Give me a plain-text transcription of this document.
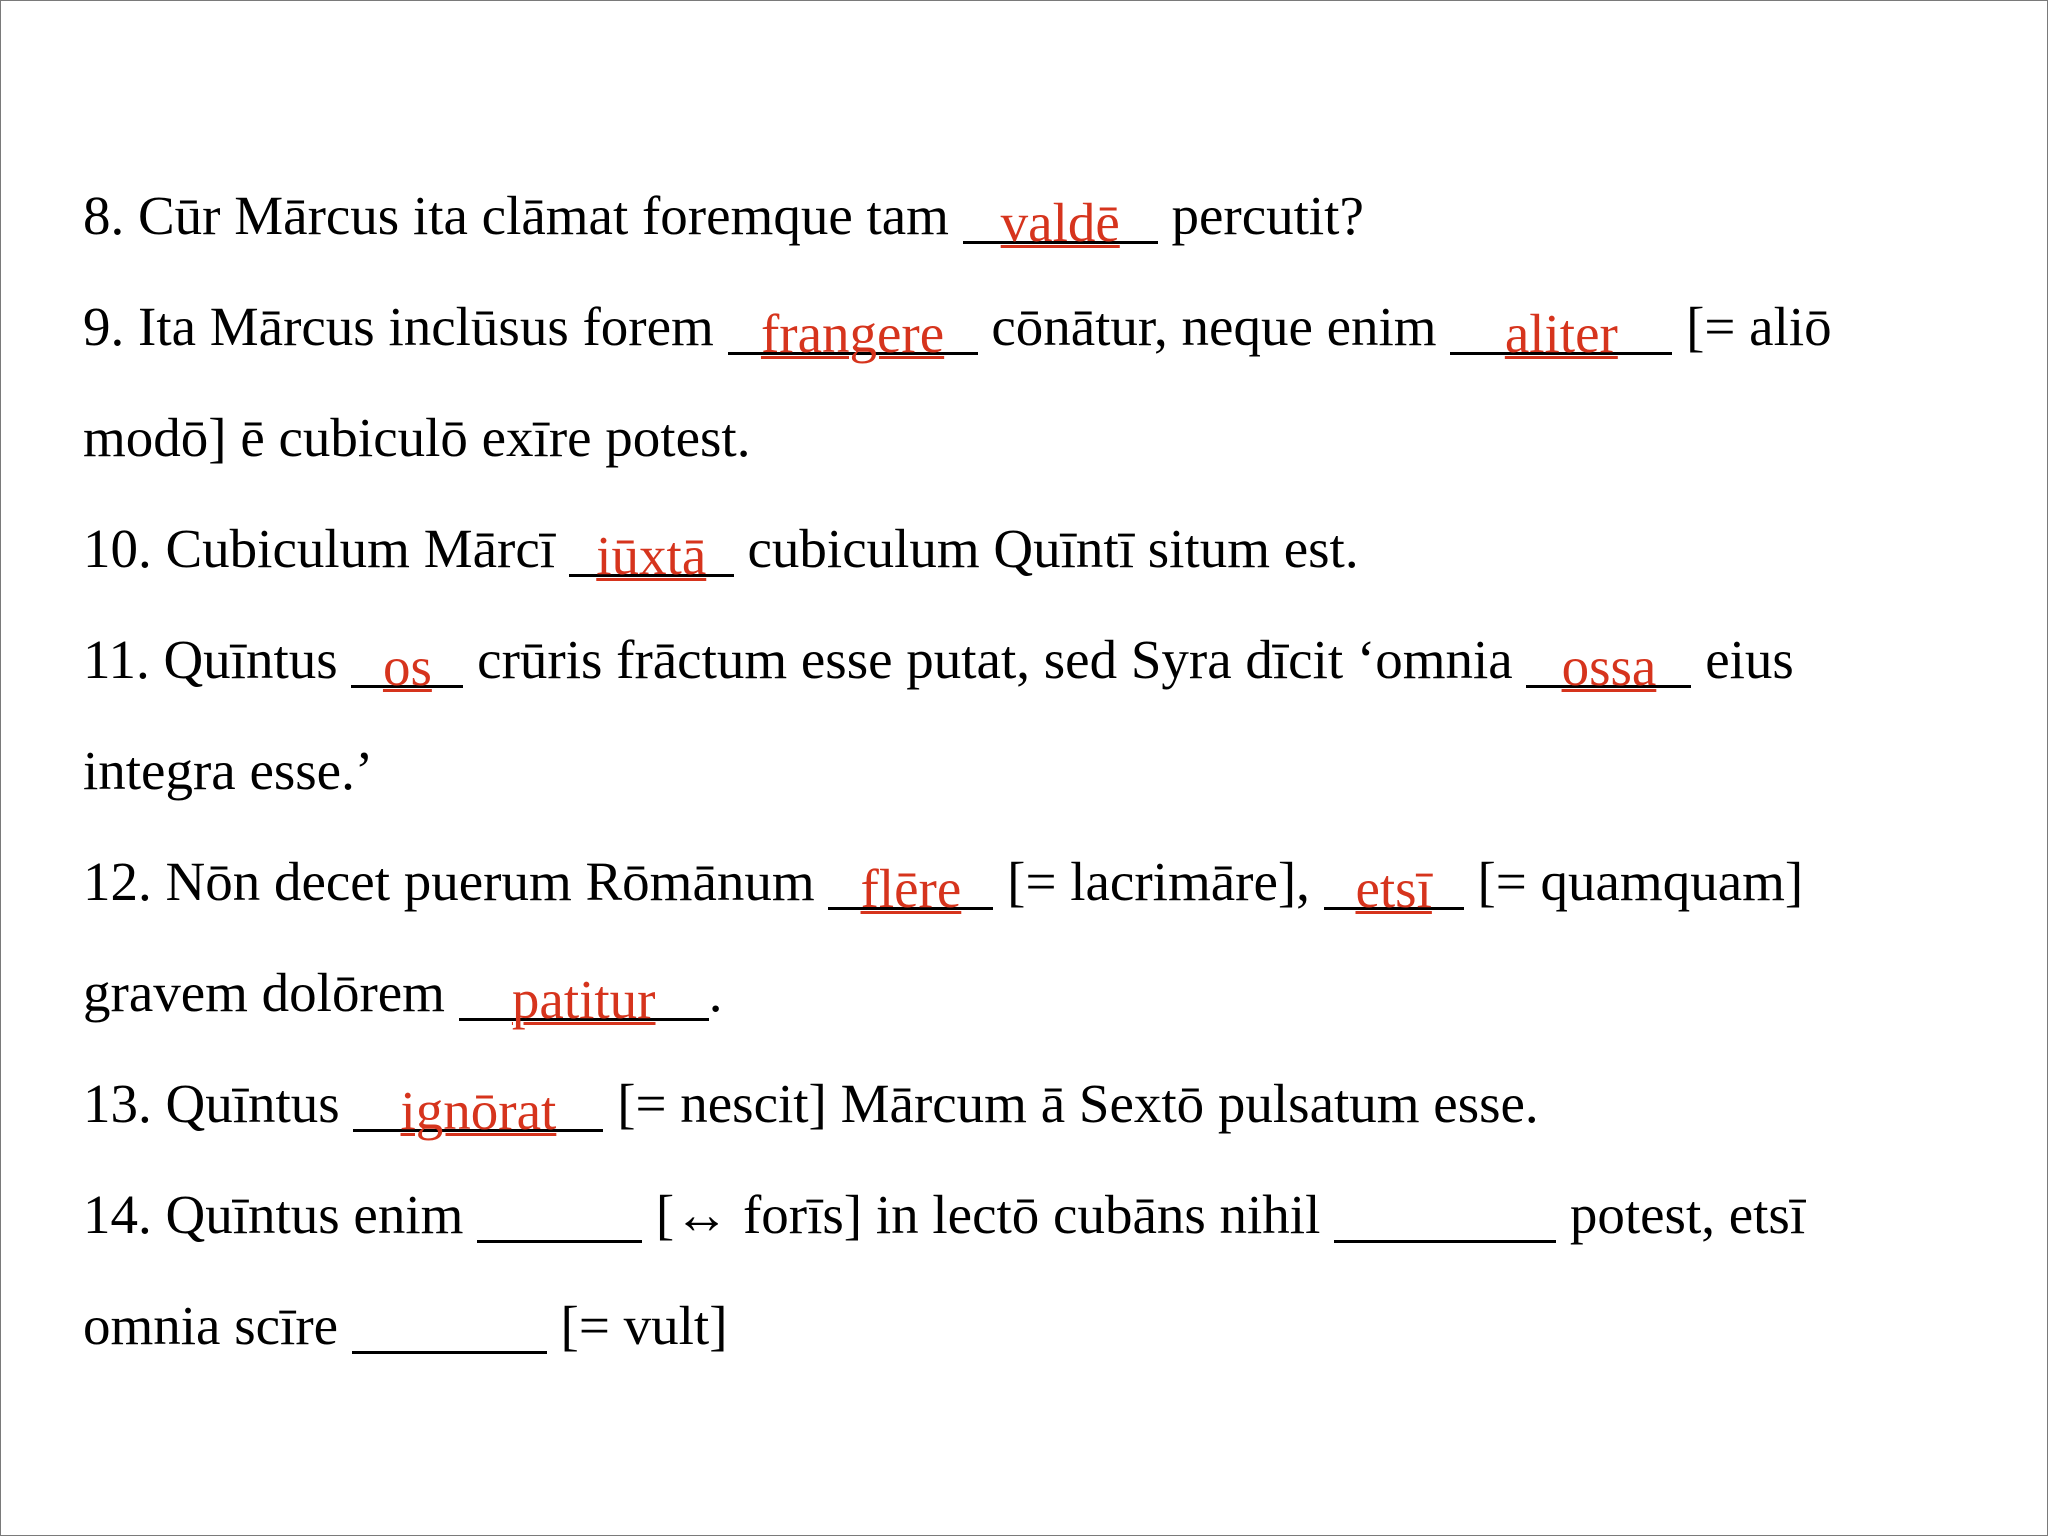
8. Cūr Mārcus ita clāmat foremque tam valdē percutit?
9. Ita Mārcus inclūsus forem frangere cōnātur, neque enim aliter [= aliō
modō] ē cubiculō exīre potest.
10. Cubiculum Mārcī iūxtā cubiculum Quīntī situm est.
11. Quīntus os crūris frāctum esse putat, sed Syra dīcit ‘omnia ossa eius
integra esse.’
12. Nōn decet puerum Rōmānum flēre [= lacrimāre], etsī [= quamquam]
gravem dolōrem patitur .
13. Quīntus ignōrat [= nescit] Mārcum ā Sextō pulsatum esse.
14. Quīntus enim	[↔ forīs] in lectō cubāns nihil	potest, etsī
omnia scīre	[= vult]
